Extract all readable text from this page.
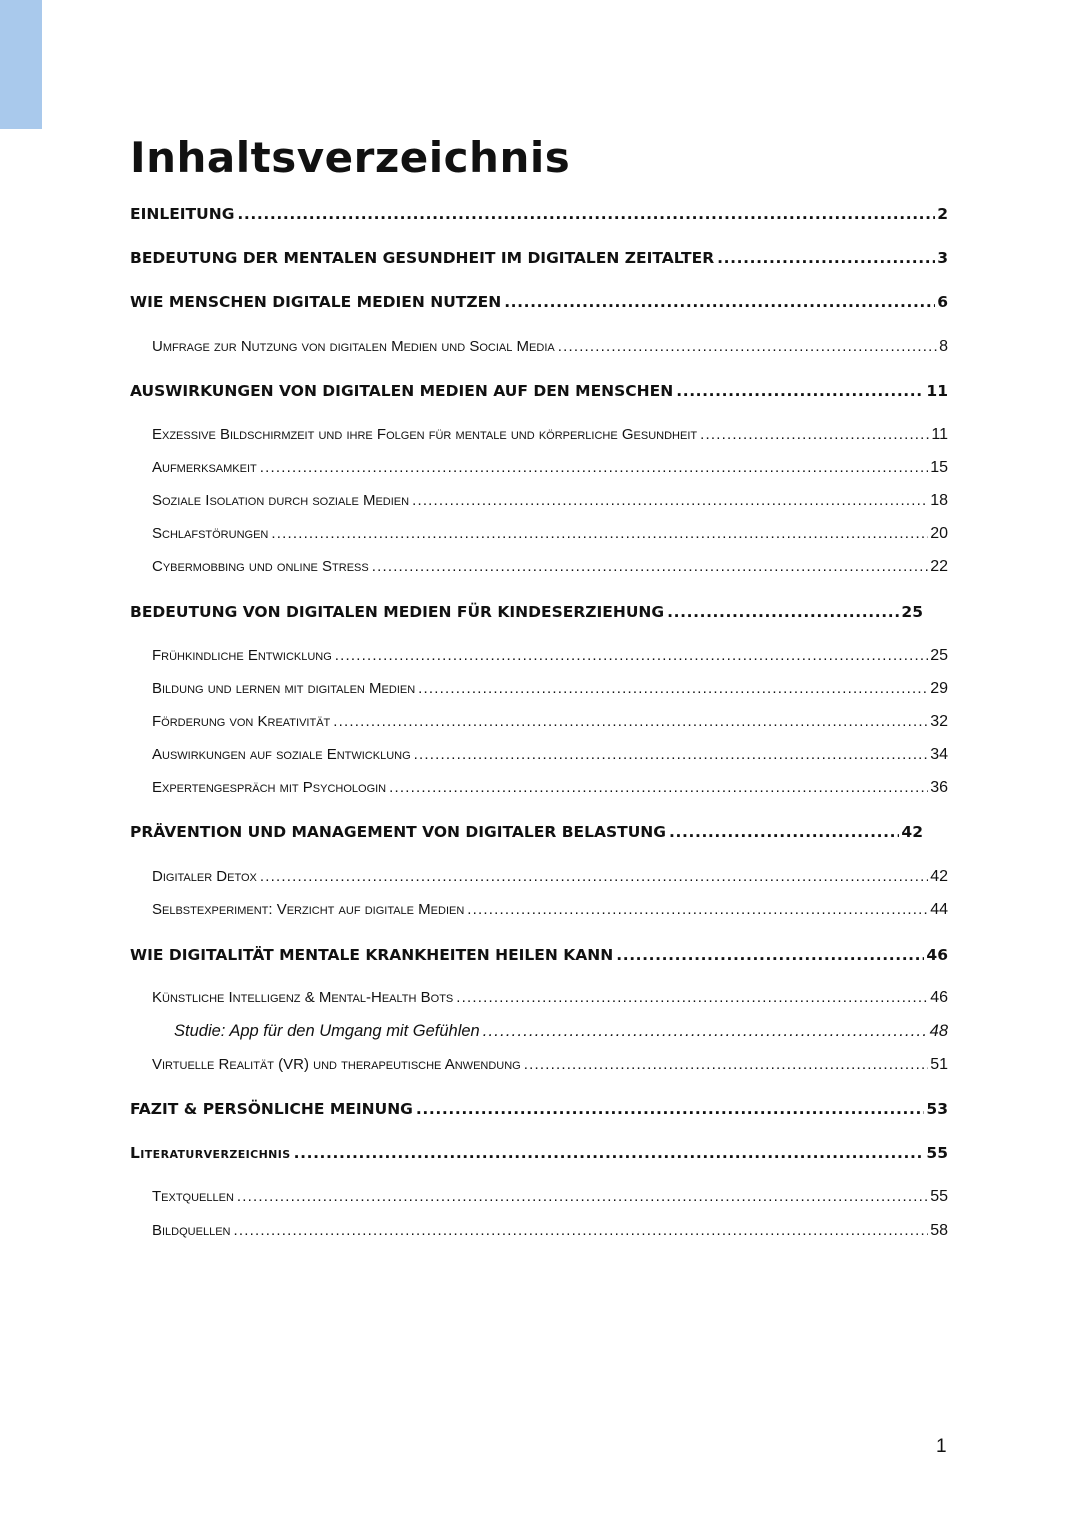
Inhaltsverzeichnis
EINLEITUNG .....	2
BEDEUTUNG DER MENTALEN GESUNDHEIT IM DIGITALEN ZEITALTER .....	3
WIE MENSCHEN DIGITALE MEDIEN NUTZEN .....	6
Umfrage zur Nutzung von digitalen Medien und Social Media .....	8
AUSWIRKUNGEN VON DIGITALEN MEDIEN AUF DEN MENSCHEN .....	11
Exzessive Bildschirmzeit und ihre Folgen für mentale und körperliche Gesundheit .....	11
Aufmerksamkeit .....	15
Soziale Isolation durch soziale Medien .....	18
Schlafstörungen .....	20
Cybermobbing und online Stress .....	22
BEDEUTUNG VON DIGITALEN MEDIEN FÜR KINDESERZIEHUNG .....	25
Frühkindliche Entwicklung .....	25
Bildung und lernen mit digitalen Medien .....	29
Förderung von Kreativität .....	32
Auswirkungen auf soziale Entwicklung .....	34
Expertengespräch mit Psychologin .....	36
PRÄVENTION UND MANAGEMENT VON DIGITALER BELASTUNG .....	42
Digitaler Detox .....	42
Selbstexperiment: Verzicht auf digitale Medien .....	44
WIE DIGITALITÄT MENTALE KRANKHEITEN HEILEN KANN .....	46
Künstliche Intelligenz & Mental-Health Bots .....	46
Studie: App für den Umgang mit Gefühlen .....	48
Virtuelle Realität (VR) und therapeutische Anwendung .....	51
FAZIT & PERSÖNLICHE MEINUNG .....	53
Literaturverzeichnis .....	55
Textquellen .....	55
Bildquellen .....	58
1
